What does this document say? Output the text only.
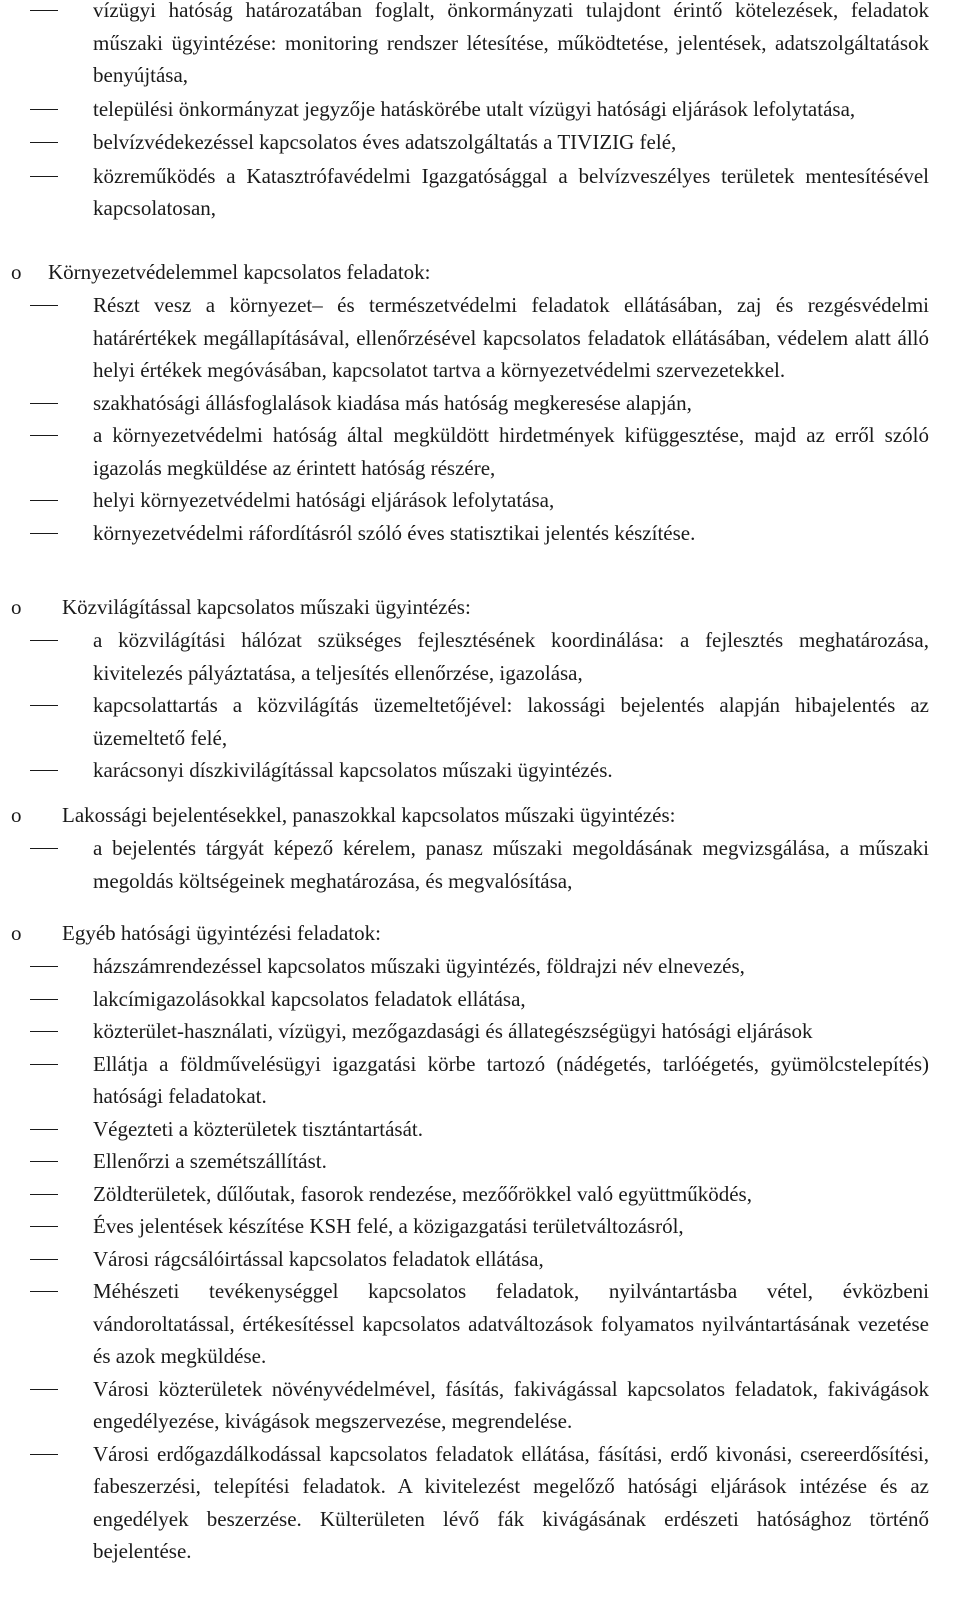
vízügyi hatóság határozatában foglalt, önkormányzati tulajdont érintő kötelezések, feladatok műszaki ügyintézése: monitoring rendszer létesítése, működtetése, jelentések, adatszolgáltatások benyújtása,
települési önkormányzat jegyzője hatáskörébe utalt vízügyi hatósági eljárások lefolytatása,
belvízvédekezéssel kapcsolatos éves adatszolgáltatás a TIVIZIG felé,
közreműködés a Katasztrófavédelmi Igazgatósággal a belvízveszélyes területek mentesítésével kapcsolatosan,
o Környezetvédelemmel kapcsolatos feladatok:
Részt vesz a környezet– és természetvédelmi feladatok ellátásában, zaj és rezgésvédelmi határértékek megállapításával, ellenőrzésével kapcsolatos feladatok ellátásában, védelem alatt álló helyi értékek megóvásában, kapcsolatot tartva a környezetvédelmi szervezetekkel.
szakhatósági állásfoglalások kiadása más hatóság megkeresése alapján,
a környezetvédelmi hatóság által megküldött hirdetmények kifüggesztése, majd az erről szóló igazolás megküldése az érintett hatóság részére,
helyi környezetvédelmi hatósági eljárások lefolytatása,
környezetvédelmi ráfordításról szóló éves statisztikai jelentés készítése.
o Közvilágítással kapcsolatos műszaki ügyintézés:
a közvilágítási hálózat szükséges fejlesztésének koordinálása: a fejlesztés meghatározása, kivitelezés pályáztatása, a teljesítés ellenőrzése, igazolása,
kapcsolattartás a közvilágítás üzemeltetőjével: lakossági bejelentés alapján hibajelentés az üzemeltető felé,
karácsonyi díszkivilágítással kapcsolatos műszaki ügyintézés.
o Lakossági bejelentésekkel, panaszokkal kapcsolatos műszaki ügyintézés:
a bejelentés tárgyát képező kérelem, panasz műszaki megoldásának megvizsgálása, a műszaki megoldás költségeinek meghatározása, és megvalósítása,
o Egyéb hatósági ügyintézési feladatok:
házszámrendezéssel kapcsolatos műszaki ügyintézés, földrajzi név elnevezés,
lakcímigazolásokkal kapcsolatos feladatok ellátása,
közterület-használati, vízügyi, mezőgazdasági és állategészségügyi hatósági eljárások
Ellátja a földművelésügyi igazgatási körbe tartozó (nádégetés, tarlóégetés, gyümölcstelepítés) hatósági feladatokat.
Végezteti a közterületek tisztántartását.
Ellenőrzi a szemétszállítást.
Zöldterületek, dűlőutak, fasorok rendezése, mezőőrökkel való együttműködés,
Éves jelentések készítése KSH felé, a közigazgatási területváltozásról,
Városi rágcsálóirtással kapcsolatos feladatok ellátása,
Méhészeti tevékenységgel kapcsolatos feladatok, nyilvántartásba vétel, évközbeni vándoroltatással, értékesítéssel kapcsolatos adatváltozások folyamatos nyilvántartásának vezetése és azok megküldése.
Városi közterületek növényvédelmével, fásítás, fakivágással kapcsolatos feladatok, fakivágások engedélyezése, kivágások megszervezése, megrendelése.
Városi erdőgazdálkodással kapcsolatos feladatok ellátása, fásítási, erdő kivonási, csereerdősítési, fabeszerzési, telepítési feladatok. A kivitelezést megelőző hatósági eljárások intézése és az engedélyek beszerzése. Külterületen lévő fák kivágásának erdészeti hatósághoz történő bejelentése.
